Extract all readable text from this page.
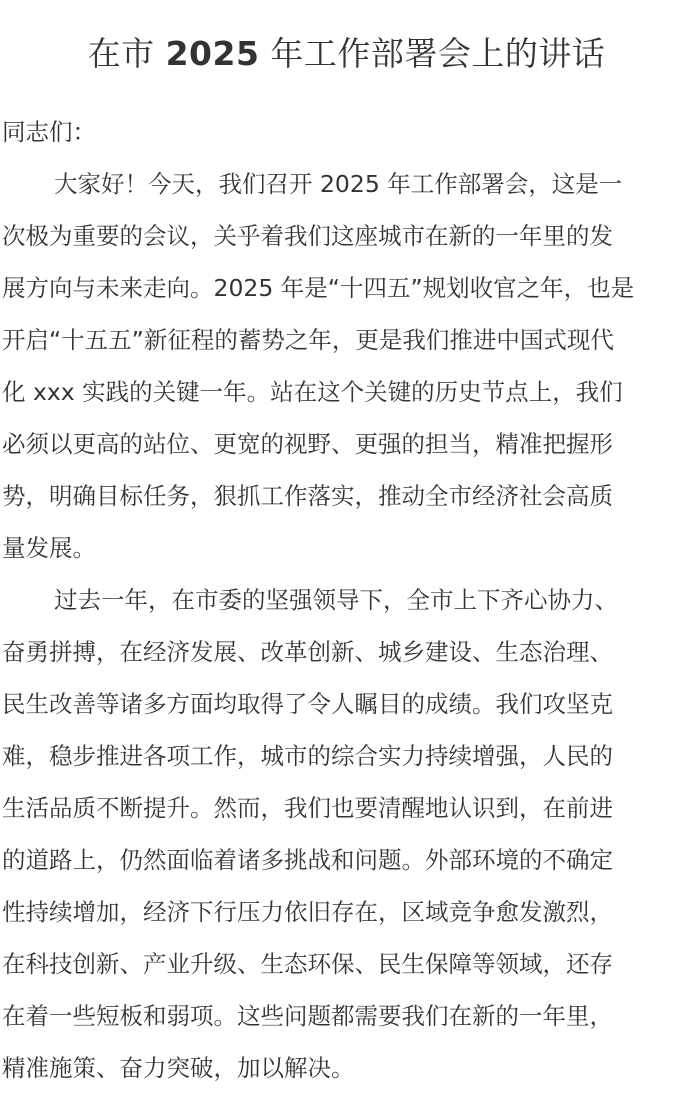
在市 2025 年工作部署会上的讲话
同志们：
大家好！今天，我们召开 2025 年工作部署会，这是一
次极为重要的会议，关乎着我们这座城市在新的一年里的发
展方向与未来走向。2025 年是“十四五”规划收官之年，也是
开启“十五五”新征程的蓄势之年，更是我们推进中国式现代
化 xxx 实践的关键一年。站在这个关键的历史节点上，我们
必须以更高的站位、更宽的视野、更强的担当，精准把握形
势，明确目标任务，狠抓工作落实，推动全市经济社会高质
量发展。
过去一年，在市委的坚强领导下，全市上下齐心协力、
奋勇拼搏，在经济发展、改革创新、城乡建设、生态治理、
民生改善等诸多方面均取得了令人瞩目的成绩。我们攻坚克
难，稳步推进各项工作，城市的综合实力持续增强，人民的
生活品质不断提升。然而，我们也要清醒地认识到，在前进
的道路上，仍然面临着诸多挑战和问题。外部环境的不确定
性持续增加，经济下行压力依旧存在，区域竞争愈发激烈，
在科技创新、产业升级、生态环保、民生保障等领域，还存
在着一些短板和弱项。这些问题都需要我们在新的一年里，
精准施策、奋力突破，加以解决。
